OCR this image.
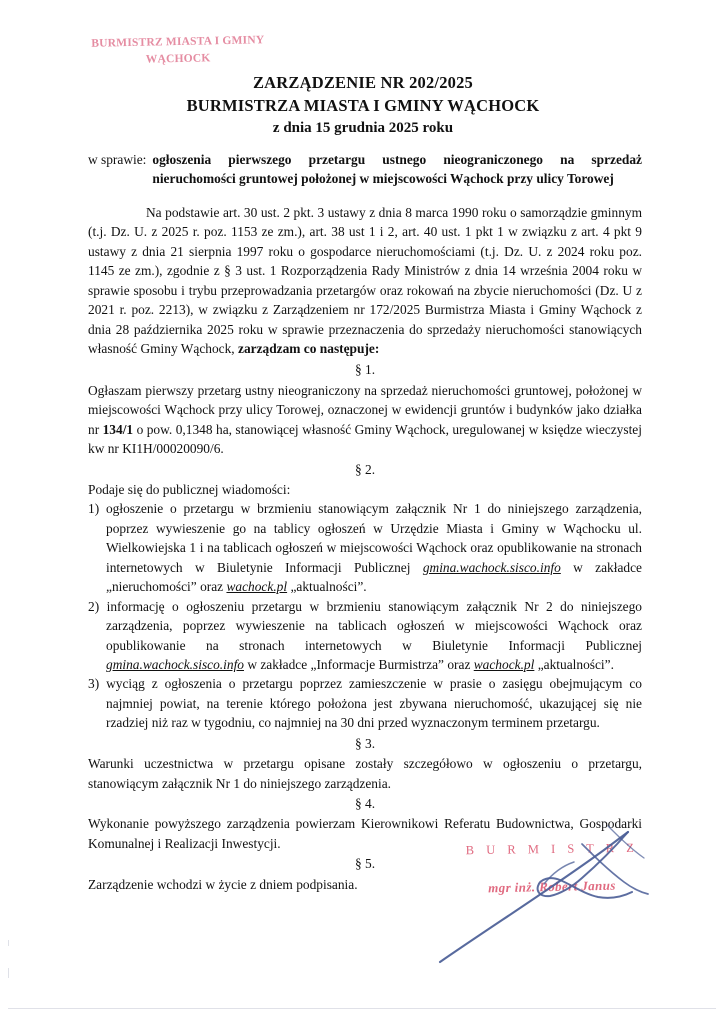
BURMISTRZ MIASTA I GMINY
WĄCHOCK
ZARZĄDZENIE NR 202/2025
BURMISTRZA MIASTA I GMINY WĄCHOCK
z dnia 15 grudnia 2025 roku
w sprawie: ogłoszenia pierwszego przetargu ustnego nieograniczonego na sprzedaż nieruchomości gruntowej położonej w miejscowości Wąchock przy ulicy Torowej

Na podstawie art. 30 ust. 2 pkt. 3 ustawy z dnia 8 marca 1990 roku o samorządzie gminnym (t.j. Dz. U. z 2025 r. poz. 1153 ze zm.), art. 38 ust 1 i 2, art. 40 ust. 1 pkt 1 w związku z art. 4 pkt 9 ustawy z dnia 21 sierpnia 1997 roku o gospodarce nieruchomościami (t.j. Dz. U. z 2024 roku poz. 1145 ze zm.), zgodnie z § 3 ust. 1 Rozporządzenia Rady Ministrów z dnia 14 września 2004 roku w sprawie sposobu i trybu przeprowadzania przetargów oraz rokowań na zbycie nieruchomości (Dz. U z 2021 r. poz. 2213), w związku z Zarządzeniem nr 172/2025 Burmistrza Miasta i Gminy Wąchock z dnia 28 października 2025 roku w sprawie przeznaczenia do sprzedaży nieruchomości stanowiących własność Gminy Wąchock, zarządzam co następuje:

§ 1.

Ogłaszam pierwszy przetarg ustny nieograniczony na sprzedaż nieruchomości gruntowej, położonej w miejscowości Wąchock przy ulicy Torowej, oznaczonej w ewidencji gruntów i budynków jako działka nr 134/1 o pow. 0,1348 ha, stanowiącej własność Gminy Wąchock, uregulowanej w księdze wieczystej kw nr KI1H/00020090/6.

§ 2.

Podaje się do publicznej wiadomości:

1) ogłoszenie o przetargu w brzmieniu stanowiącym załącznik Nr 1 do niniejszego zarządzenia, poprzez wywieszenie go na tablicy ogłoszeń w Urzędzie Miasta i Gminy w Wąchocku ul. Wielkowiejska 1 i na tablicach ogłoszeń w miejscowości Wąchock oraz opublikowanie na stronach internetowych w Biuletynie Informacji Publicznej gmina.wachock.sisco.info w zakładce „nieruchomości” oraz wachock.pl „aktualności”.

2) informację o ogłoszeniu przetargu w brzmieniu stanowiącym załącznik Nr 2 do niniejszego zarządzenia, poprzez wywieszenie na tablicach ogłoszeń w miejscowości Wąchock oraz opublikowanie na stronach internetowych w Biuletynie Informacji Publicznej gmina.wachock.sisco.info w zakładce „Informacje Burmistrza” oraz wachock.pl „aktualności”.

3) wyciąg z ogłoszenia o przetargu poprzez zamieszczenie w prasie o zasięgu obejmującym co najmniej powiat, na terenie którego położona jest zbywana nieruchomość, ukazującej się nie rzadziej niż raz w tygodniu, co najmniej na 30 dni przed wyznaczonym terminem przetargu.

§ 3.

Warunki uczestnictwa w przetargu opisane zostały szczegółowo w ogłoszeniu o przetargu, stanowiącym załącznik Nr 1 do niniejszego zarządzenia.

§ 4.

Wykonanie powyższego zarządzenia powierzam Kierownikowi Referatu Budownictwa, Gospodarki Komunalnej i Realizacji Inwestycji.

§ 5.

Zarządzenie wchodzi w życie z dniem podpisania.

B U R M I S T R Z
mgr inż. Robert Janus
